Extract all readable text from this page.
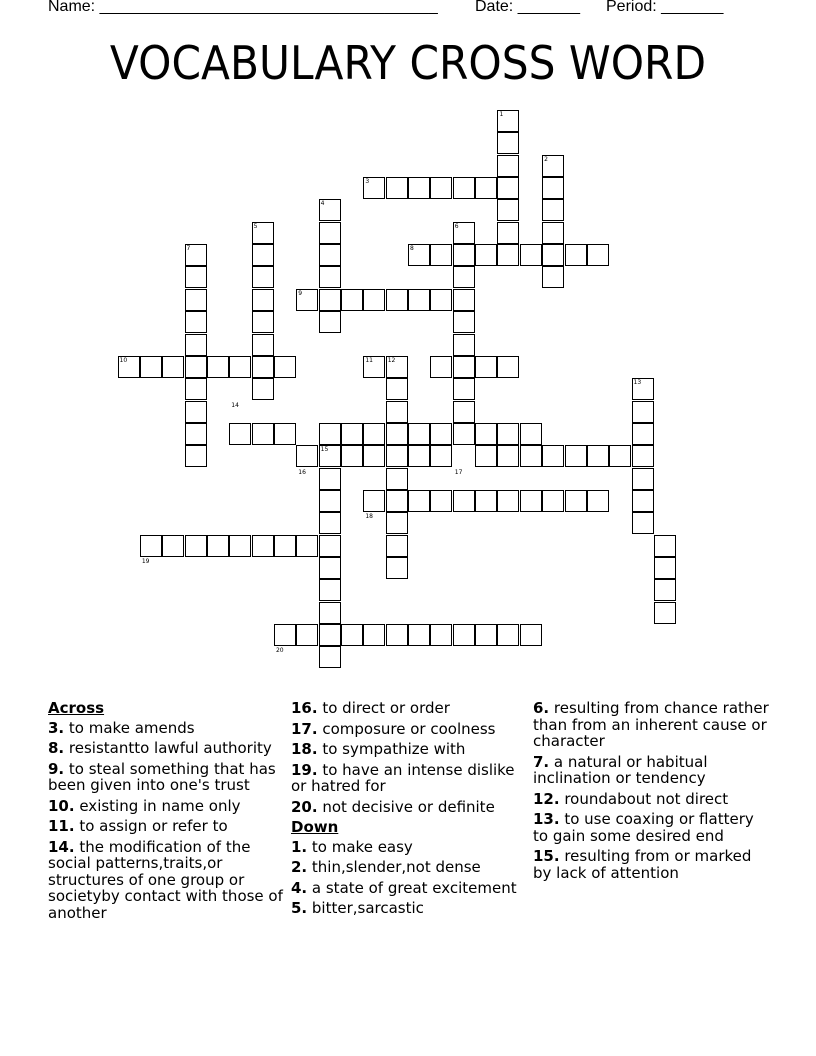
Name: ______________________________________ Date: _______ Period: _______
VOCABULARY CROSS WORD
1
2
3
4
5	6
7	8
9
10	11 12
13
14
15
16	17
18
19
20
Across
3. to make amends
8. resistantto lawful authority
9. to steal something that has been given into one's trust
10. existing in name only
11. to assign or refer to
14. the modification of the social patterns,traits,or structures of one group or societyby contact with those of another
16. to direct or order
17. composure or coolness
18. to sympathize with
19. to have an intense dislike or hatred for
20. not decisive or definite
Down
1. to make easy
2. thin,slender,not dense
4. a state of great excitement
5. bitter,sarcastic
6. resulting from chance rather than from an inherent cause or character
7. a natural or habitual inclination or tendency
12. roundabout not direct
13. to use coaxing or flattery to gain some desired end
15. resulting from or marked by lack of attention
